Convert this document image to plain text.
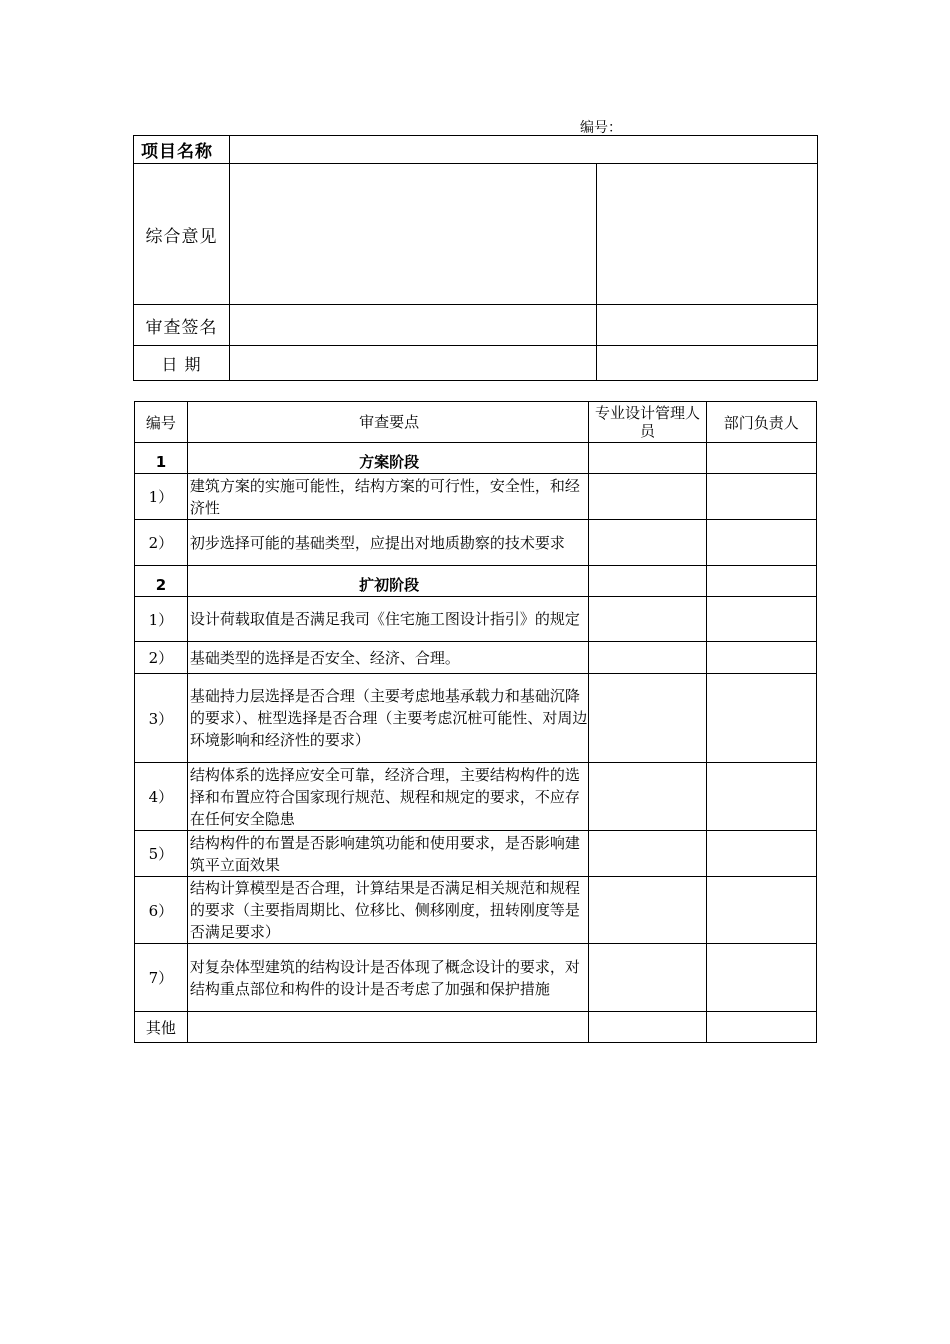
编号：
项目名称		
综合意见		
审查签名		
日 期		
编号	审查要点	专业设计管理人员	部门负责人
1	方案阶段		
1）	建筑方案的实施可能性，结构方案的可行性，安全性，和经济性		
2）	初步选择可能的基础类型，应提出对地质勘察的技术要求		
2	扩初阶段		
1）	设计荷载取值是否满足我司《住宅施工图设计指引》的规定		
2）	基础类型的选择是否安全、经济、合理。		
3）	基础持力层选择是否合理（主要考虑地基承载力和基础沉降的要求）、桩型选择是否合理（主要考虑沉桩可能性、对周边环境影响和经济性的要求）		
4）	结构体系的选择应安全可靠，经济合理，主要结构构件的选择和布置应符合国家现行规范、规程和规定的要求，不应存在任何安全隐患		
5）	结构构件的布置是否影响建筑功能和使用要求，是否影响建筑平立面效果		
6）	结构计算模型是否合理，计算结果是否满足相关规范和规程的要求（主要指周期比、位移比、侧移刚度，扭转刚度等是否满足要求）		
7）	对复杂体型建筑的结构设计是否体现了概念设计的要求，对结构重点部位和构件的设计是否考虑了加强和保护措施		
其他			
